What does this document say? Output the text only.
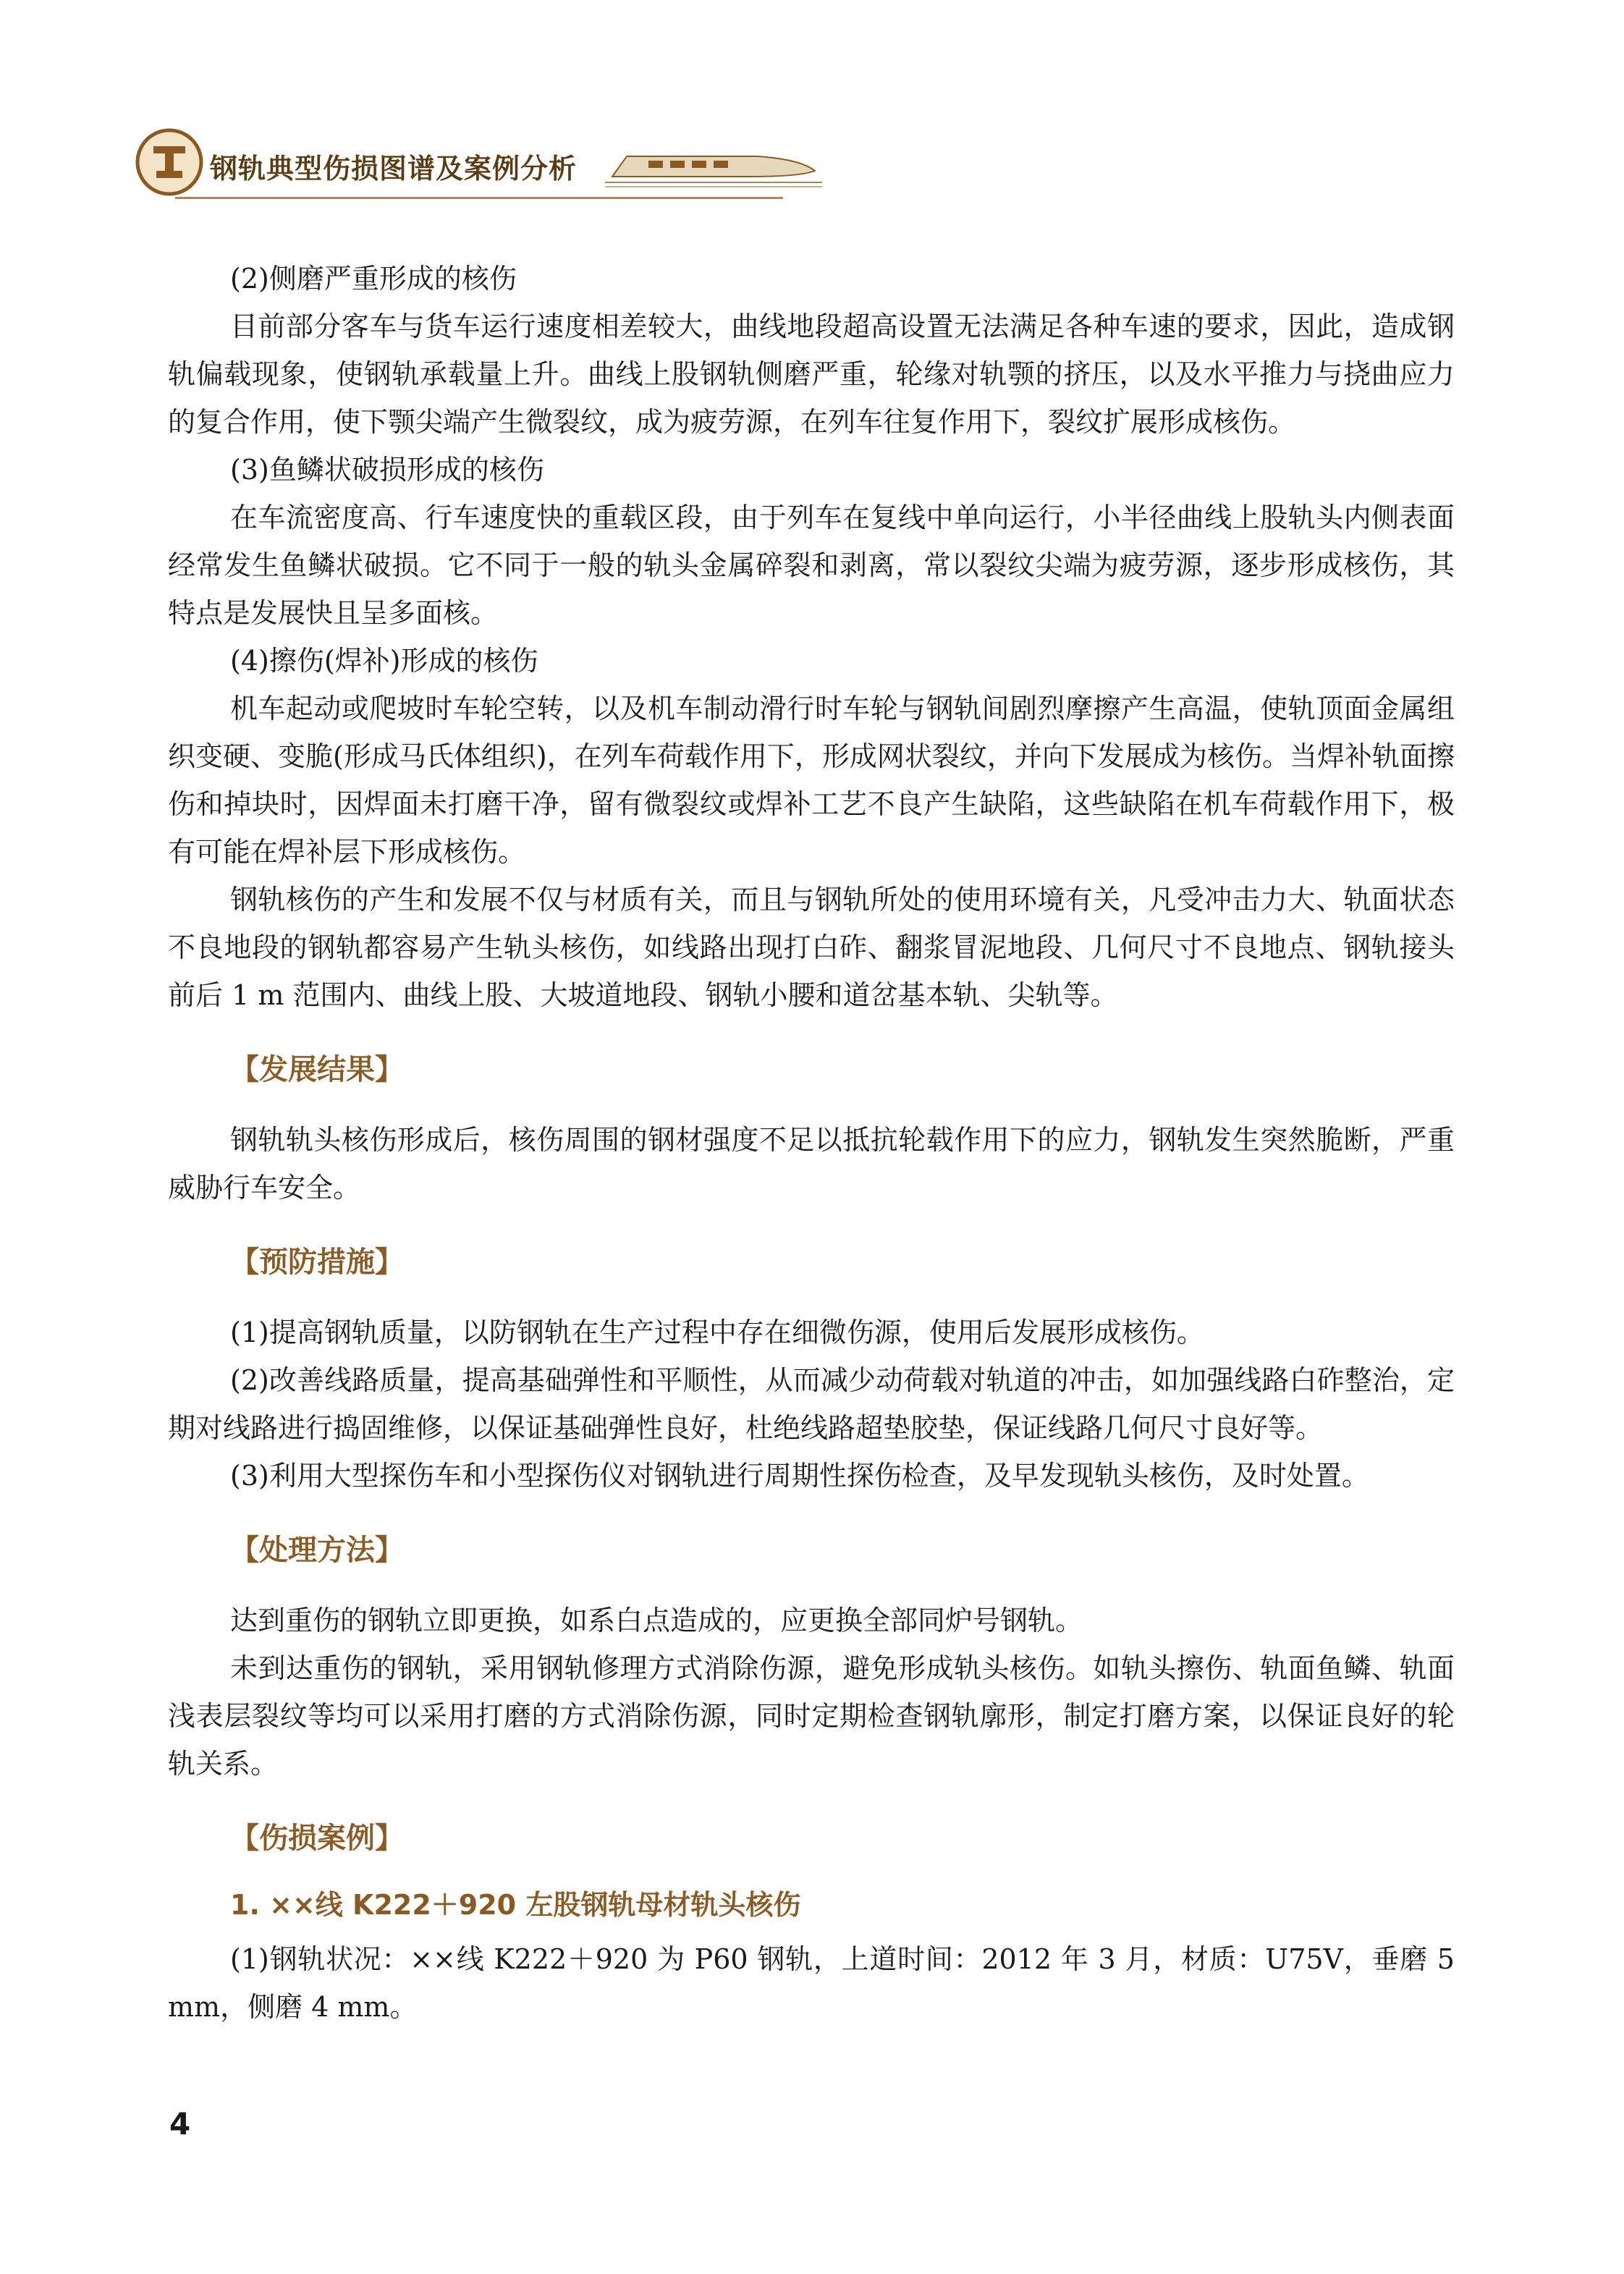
钢轨典型伤损图谱及案例分析

(2)侧磨严重形成的核伤

目前部分客车与货车运行速度相差较大，曲线地段超高设置无法满足各种车速的要求，因此，造成钢轨偏载现象，使钢轨承载量上升。曲线上股钢轨侧磨严重，轮缘对轨颚的挤压，以及水平推力与挠曲应力的复合作用，使下颚尖端产生微裂纹，成为疲劳源，在列车往复作用下，裂纹扩展形成核伤。

(3)鱼鳞状破损形成的核伤

在车流密度高、行车速度快的重载区段，由于列车在复线中单向运行，小半径曲线上股轨头内侧表面经常发生鱼鳞状破损。它不同于一般的轨头金属碎裂和剥离，常以裂纹尖端为疲劳源，逐步形成核伤，其特点是发展快且呈多面核。

(4)擦伤(焊补)形成的核伤

机车起动或爬坡时车轮空转，以及机车制动滑行时车轮与钢轨间剧烈摩擦产生高温，使轨顶面金属组织变硬、变脆(形成马氏体组织)，在列车荷载作用下，形成网状裂纹，并向下发展成为核伤。当焊补轨面擦伤和掉块时，因焊面未打磨干净，留有微裂纹或焊补工艺不良产生缺陷，这些缺陷在机车荷载作用下，极有可能在焊补层下形成核伤。

钢轨核伤的产生和发展不仅与材质有关，而且与钢轨所处的使用环境有关，凡受冲击力大、轨面状态不良地段的钢轨都容易产生轨头核伤，如线路出现打白砟、翻浆冒泥地段、几何尺寸不良地点、钢轨接头前后 1 m 范围内、曲线上股、大坡道地段、钢轨小腰和道岔基本轨、尖轨等。

【发展结果】

钢轨轨头核伤形成后，核伤周围的钢材强度不足以抵抗轮载作用下的应力，钢轨发生突然脆断，严重威胁行车安全。

【预防措施】

(1)提高钢轨质量，以防钢轨在生产过程中存在细微伤源，使用后发展形成核伤。

(2)改善线路质量，提高基础弹性和平顺性，从而减少动荷载对轨道的冲击，如加强线路白砟整治，定期对线路进行捣固维修，以保证基础弹性良好，杜绝线路超垫胶垫，保证线路几何尺寸良好等。

(3)利用大型探伤车和小型探伤仪对钢轨进行周期性探伤检查，及早发现轨头核伤，及时处置。

【处理方法】

达到重伤的钢轨立即更换，如系白点造成的，应更换全部同炉号钢轨。

未到达重伤的钢轨，采用钢轨修理方式消除伤源，避免形成轨头核伤。如轨头擦伤、轨面鱼鳞、轨面浅表层裂纹等均可以采用打磨的方式消除伤源，同时定期检查钢轨廓形，制定打磨方案，以保证良好的轮轨关系。

【伤损案例】
1. ××线 K222＋920 左股钢轨母材轨头核伤

(1)钢轨状况：××线 K222＋920 为 P60 钢轨，上道时间：2012 年 3 月，材质：U75V，垂磨 5 mm，侧磨 4 mm。

4
